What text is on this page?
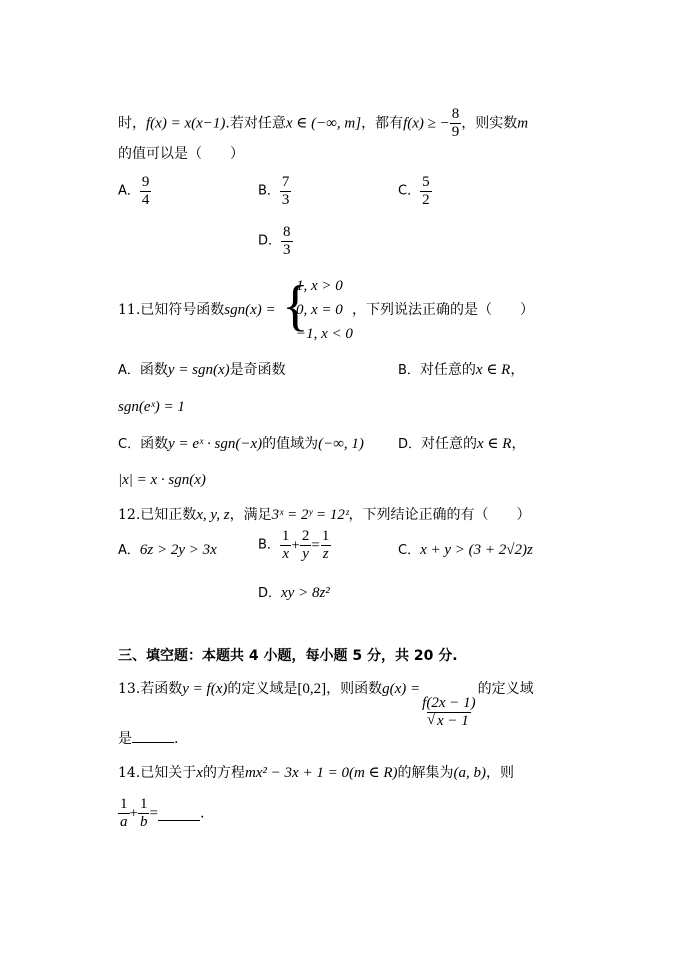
时，f(x) = x(x−1).若对任意x ∈ (−∞, m]，都有f(x) ≥ − $\frac{8}{9}$ ，则实数m
的值可以是（　　）
A． $\frac{9}{4}$	B． $\frac{7}{3}$	C． $\frac{5}{2}$
D． $\frac{8}{3}$
11.已知符号函数sgn(x) = {
1, x > 0
0, x = 0
−1, x < 0
，下列说法正确的是（　　）
A．函数y = sgn(x)是奇函数	B．对任意的x ∈ R，
sgn(eˣ) = 1
C．函数y = eˣ · sgn(−x)的值域为(−∞, 1)	D．对任意的x ∈ R，
|x| = x · sgn(x)
12.已知正数x, y, z，满足3ˣ = 2ʸ = 12ᶻ，下列结论正确的有（　　）
A．6z > 2y > 3x	B． $\frac{1}{x} + \frac{2}{y} = \frac{1}{z}$	C．x + y > (3 + 2√2)z
D．xy > 8z²
三、填空题：本题共 4 小题，每小题 5 分，共 20 分.
13.若函数y = f(x)的定义域是[0,2]，则函数g(x) =
$\frac{f(2x - 1)}{√ x - 1}$
的定义域
是	.
14.已知关于x的方程mx² − 3x + 1 = 0(m ∈ R)的解集为(a, b)，则
$\frac{1}{a} + \frac{1}{b}$ =	.
